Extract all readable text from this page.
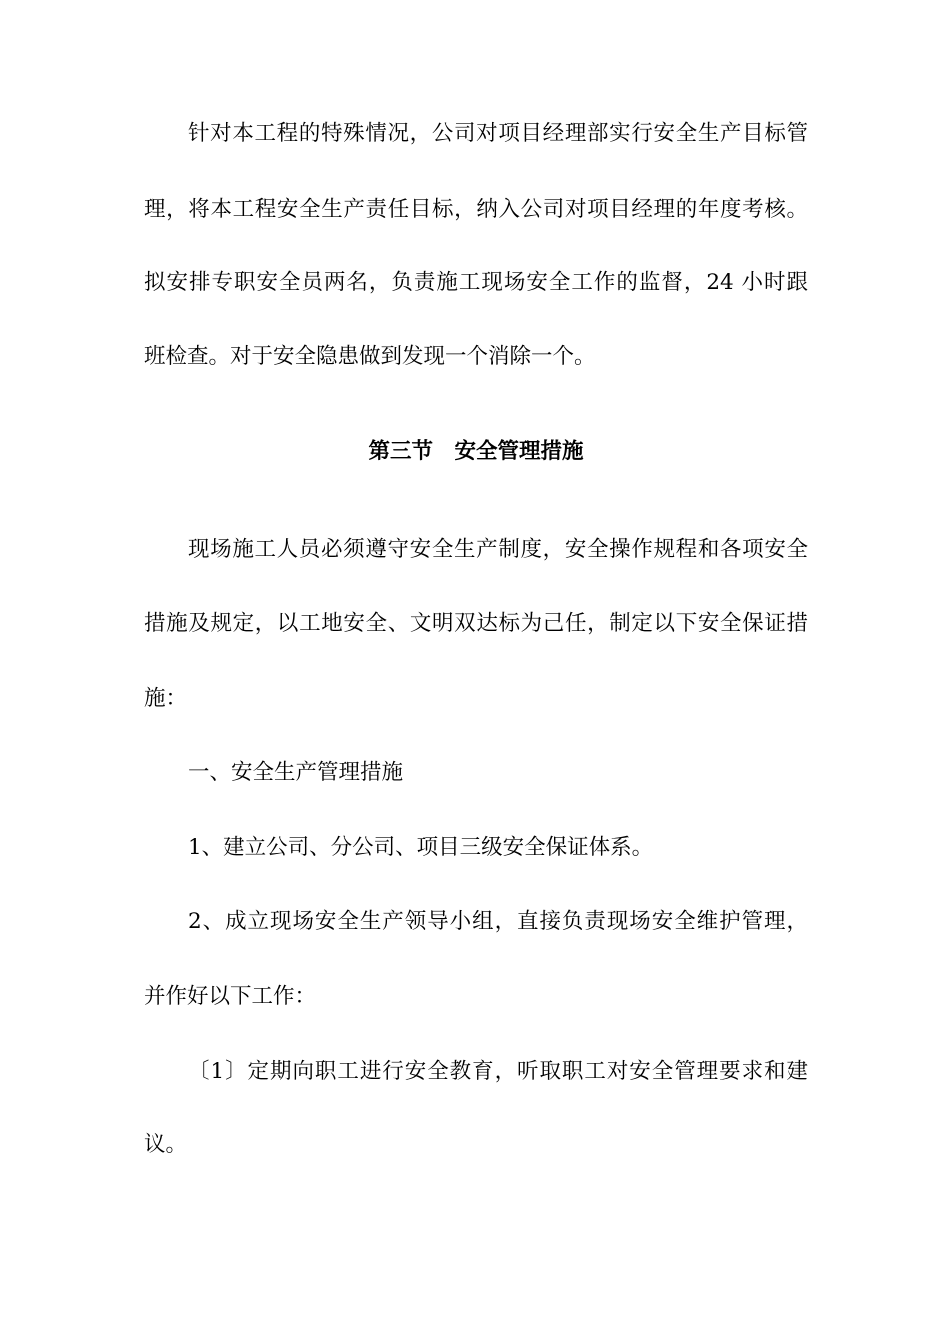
针对本工程的特殊情况，公司对项目经理部实行安全生产目标管
理，将本工程安全生产责任目标，纳入公司对项目经理的年度考核。
拟安排专职安全员两名，负责施工现场安全工作的监督，24 小时跟
班检查。对于安全隐患做到发现一个消除一个。
第三节　安全管理措施
现场施工人员必须遵守安全生产制度，安全操作规程和各项安全
措施及规定，以工地安全、文明双达标为己任，制定以下安全保证措
施：
一、安全生产管理措施
1、建立公司、分公司、项目三级安全保证体系。
2、成立现场安全生产领导小组，直接负责现场安全维护管理，
并作好以下工作：
〔1〕定期向职工进行安全教育，听取职工对安全管理要求和建
议。
